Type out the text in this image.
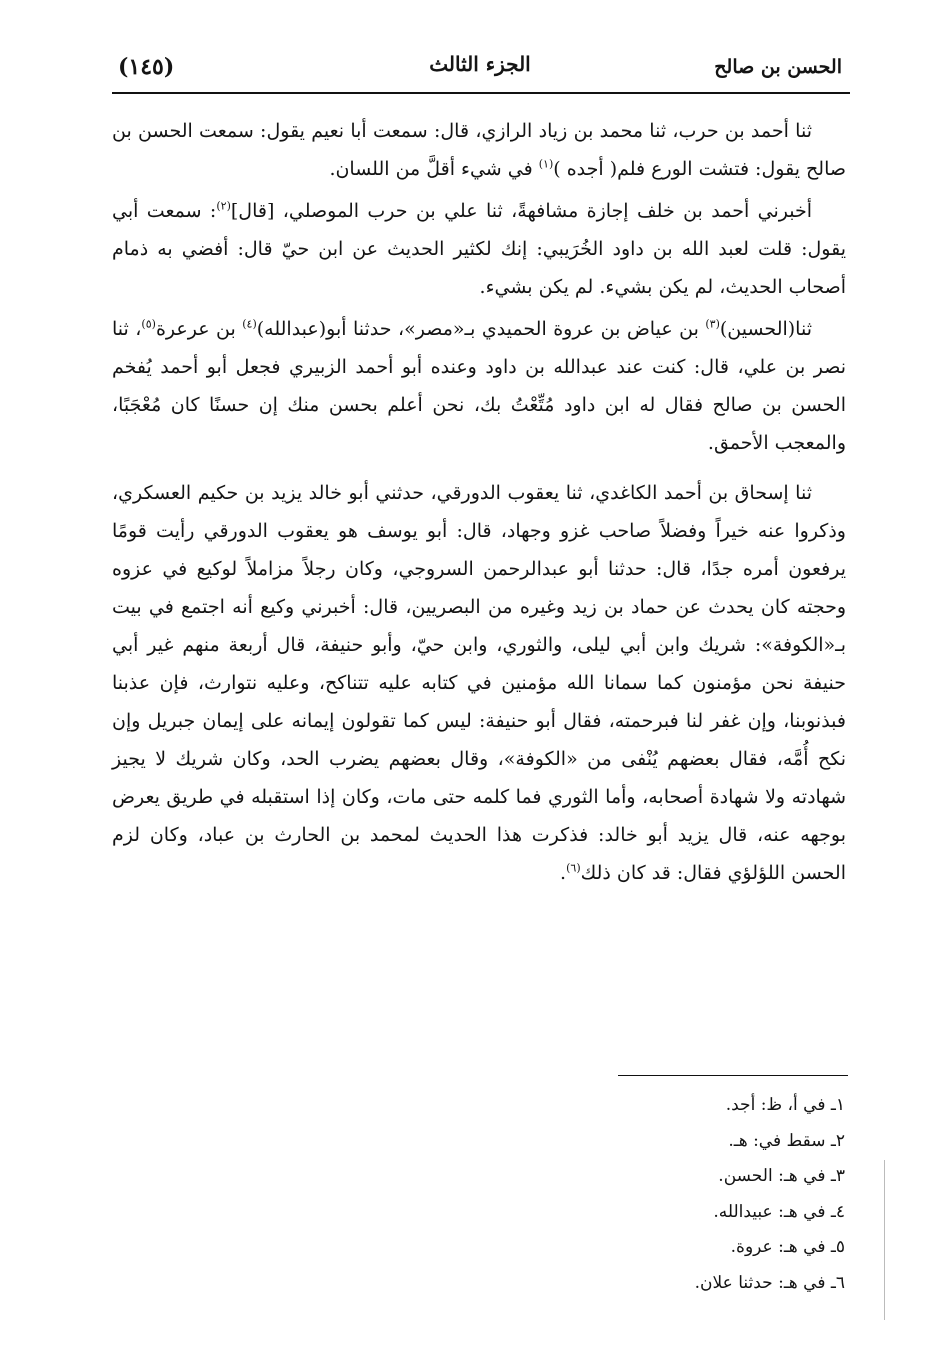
الحسن بن صالح
الجزء الثالث
(١٤٥)

ثنا أحمد بن حرب، ثنا محمد بن زياد الرازي، قال: سمعت أبا نعيم يقول: سمعت الحسن بن صالح يقول: فتشت الورع فلم( أجده )$^{(١)}$ في شيء أقلَّ من اللسان.

أخبرني أحمد بن خلف إجازة مشافهةً، ثنا علي بن حرب الموصلي، [قال]$^{(٢)}$: سمعت أبي يقول: قلت لعبد الله بن داود الخُرَيبي: إنك لكثير الحديث عن ابن حيّ قال: أفضي به ذمام أصحاب الحديث، لم يكن بشيء. لم يكن بشيء.

ثنا(الحسين)$^{(٣)}$ بن عياض بن عروة الحميدي بـ«مصر»، حدثنا أبو(عبدالله)$^{(٤)}$ بن عرعرة$^{(٥)}$، ثنا نصر بن علي، قال: كنت عند عبدالله بن داود وعنده أبو أحمد الزبيري فجعل أبو أحمد يُفخم الحسن بن صالح فقال له ابن داود مُتِّعْتُ بك، نحن أعلم بحسن منك إن حسنًا كان مُعْجَبًا، والمعجب الأحمق.

ثنا إسحاق بن أحمد الكاغدي، ثنا يعقوب الدورقي، حدثني أبو خالد يزيد بن حكيم العسكري، وذكروا عنه خيراً وفضلاً صاحب غزو وجهاد، قال: أبو يوسف هو يعقوب الدورقي رأيت قومًا يرفعون أمره جدًا، قال: حدثنا أبو عبدالرحمن السروجي، وكان رجلاً مزاملاً لوكيع في عزوه وحجته كان يحدث عن حماد بن زيد وغيره من البصريين، قال: أخبرني وكيع أنه اجتمع في بيت بـ«الكوفة»: شريك وابن أبي ليلى، والثوري، وابن حيّ، وأبو حنيفة، قال أربعة منهم غير أبي حنيفة نحن مؤمنون كما سمانا الله مؤمنين في كتابه عليه تتناكح، وعليه نتوارث، فإن عذبنا فبذنوبنا، وإن غفر لنا فبرحمته، فقال أبو حنيفة: ليس كما تقولون إيمانه على إيمان جبريل وإن نكح أُمَّه، فقال بعضهم يُنْفى من «الكوفة»، وقال بعضهم يضرب الحد، وكان شريك لا يجيز شهادته ولا شهادة أصحابه، وأما الثوري فما كلمه حتى مات، وكان إذا استقبله في طريق يعرض بوجهه عنه، قال يزيد أبو خالد: فذكرت هذا الحديث لمحمد بن الحارث بن عباد، وكان لزم الحسن اللؤلؤي فقال: قد كان ذلك$^{(٦)}$.

١ـ في أ، ظ: أجد.
٢ـ سقط في: هـ.
٣ـ في هـ: الحسن.
٤ـ في هـ: عبيدالله.
٥ـ في هـ: عروة.
٦ـ في هـ: حدثنا علان.
